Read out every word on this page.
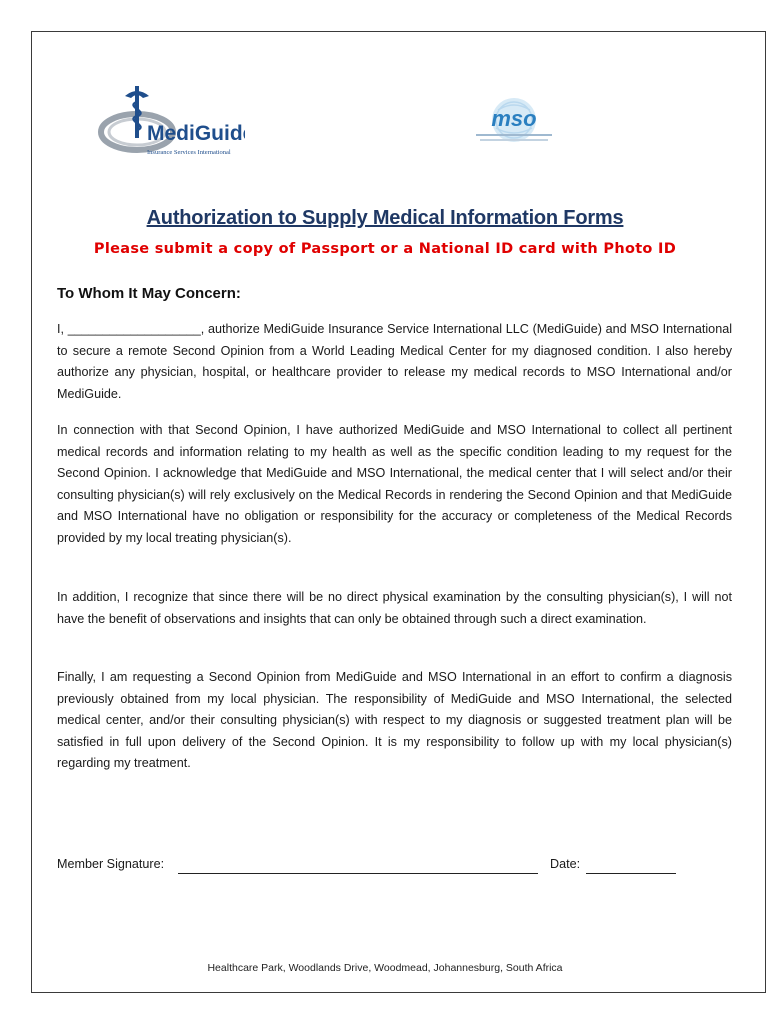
MediGuide
Insurance Services International
mso
Authorization to Supply Medical Information Forms
Please submit a copy of Passport or a National ID card with Photo ID
To Whom It May Concern:
I, ___________________, authorize MediGuide Insurance Service International LLC (MediGuide) and MSO International to secure a remote Second Opinion from a World Leading Medical Center for my diagnosed condition. I also hereby authorize any physician, hospital, or healthcare provider to release my medical records to MSO International and/or MediGuide.
In connection with that Second Opinion, I have authorized MediGuide and MSO International to collect all pertinent medical records and information relating to my health as well as the specific condition leading to my request for the Second Opinion. I acknowledge that MediGuide and MSO International, the medical center that I will select and/or their consulting physician(s) will rely exclusively on the Medical Records in rendering the Second Opinion and that MediGuide and MSO International have no obligation or responsibility for the accuracy or completeness of the Medical Records provided by my local treating physician(s).
In addition, I recognize that since there will be no direct physical examination by the consulting physician(s), I will not have the benefit of observations and insights that can only be obtained through such a direct examination.
Finally, I am requesting a Second Opinion from MediGuide and MSO International in an effort to confirm a diagnosis previously obtained from my local physician. The responsibility of MediGuide and MSO International, the selected medical center, and/or their consulting physician(s) with respect to my diagnosis or suggested treatment plan will be satisfied in full upon delivery of the Second Opinion. It is my responsibility to follow up with my local physician(s) regarding my treatment.
Member Signature:	Date:
Healthcare Park, Woodlands Drive, Woodmead, Johannesburg, South Africa
